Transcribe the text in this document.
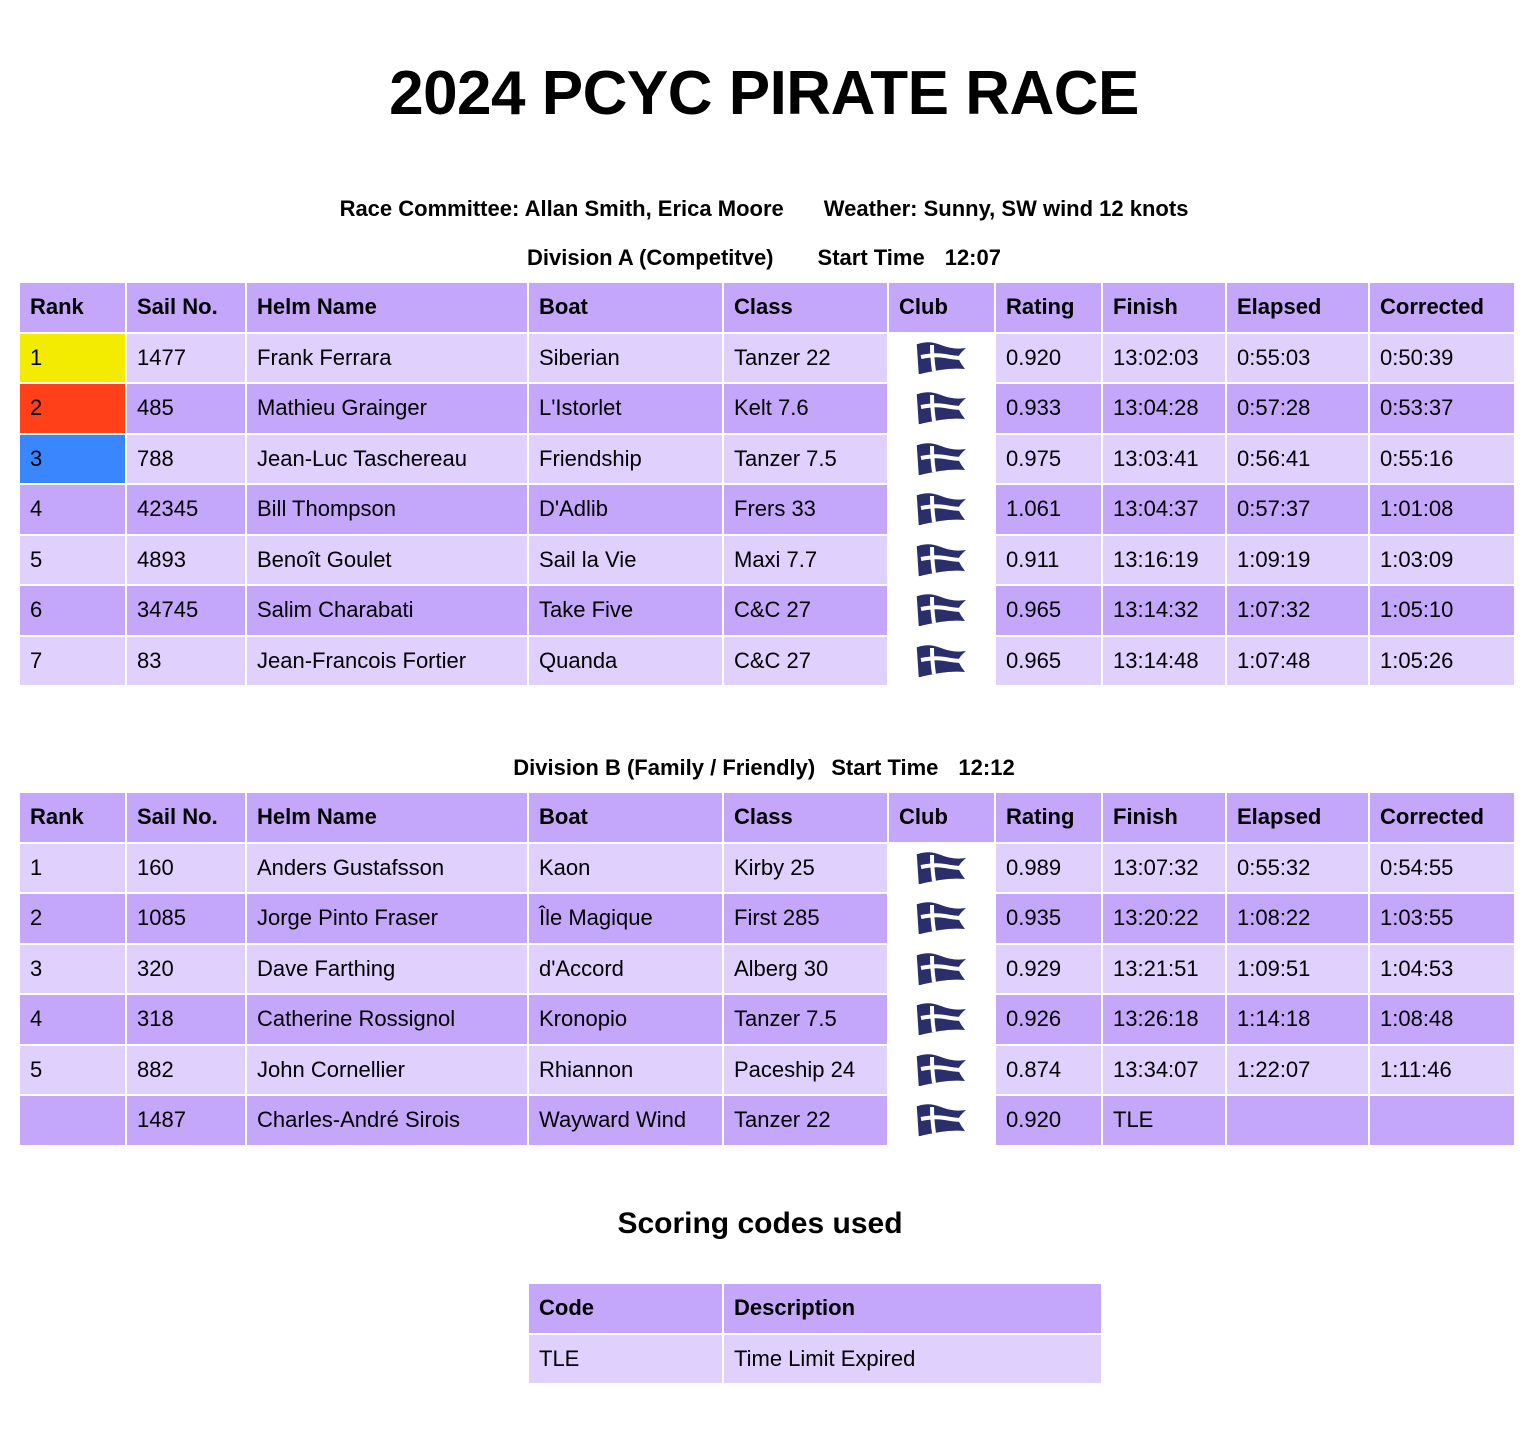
2024 PCYC PIRATE RACE
Race Committee: Allan Smith, Erica Moore Weather: Sunny, SW wind 12 knots
Division A (Competitve) Start Time 12:07
Rank	Sail No.	Helm Name	Boat	Class	Club	Rating	Finish	Elapsed	Corrected
1	1477	Frank Ferrara	Siberian	Tanzer 22		0.920	13:02:03	0:55:03	0:50:39
2	485	Mathieu Grainger	L'Istorlet	Kelt 7.6		0.933	13:04:28	0:57:28	0:53:37
3	788	Jean-Luc Taschereau	Friendship	Tanzer 7.5		0.975	13:03:41	0:56:41	0:55:16
4	42345	Bill Thompson	D'Adlib	Frers 33		1.061	13:04:37	0:57:37	1:01:08
5	4893	Benoît Goulet	Sail la Vie	Maxi 7.7		0.911	13:16:19	1:09:19	1:03:09
6	34745	Salim Charabati	Take Five	C&C 27		0.965	13:14:32	1:07:32	1:05:10
7	83	Jean-Francois Fortier	Quanda	C&C 27		0.965	13:14:48	1:07:48	1:05:26
Division B (Family / Friendly) Start Time 12:12
Rank	Sail No.	Helm Name	Boat	Class	Club	Rating	Finish	Elapsed	Corrected
1	160	Anders Gustafsson	Kaon	Kirby 25		0.989	13:07:32	0:55:32	0:54:55
2	1085	Jorge Pinto Fraser	Île Magique	First 285		0.935	13:20:22	1:08:22	1:03:55
3	320	Dave Farthing	d'Accord	Alberg 30		0.929	13:21:51	1:09:51	1:04:53
4	318	Catherine Rossignol	Kronopio	Tanzer 7.5		0.926	13:26:18	1:14:18	1:08:48
5	882	John Cornellier	Rhiannon	Paceship 24		0.874	13:34:07	1:22:07	1:11:46
	1487	Charles-André Sirois	Wayward Wind	Tanzer 22		0.920	TLE		
Scoring codes used
Code	Description
TLE	Time Limit Expired
